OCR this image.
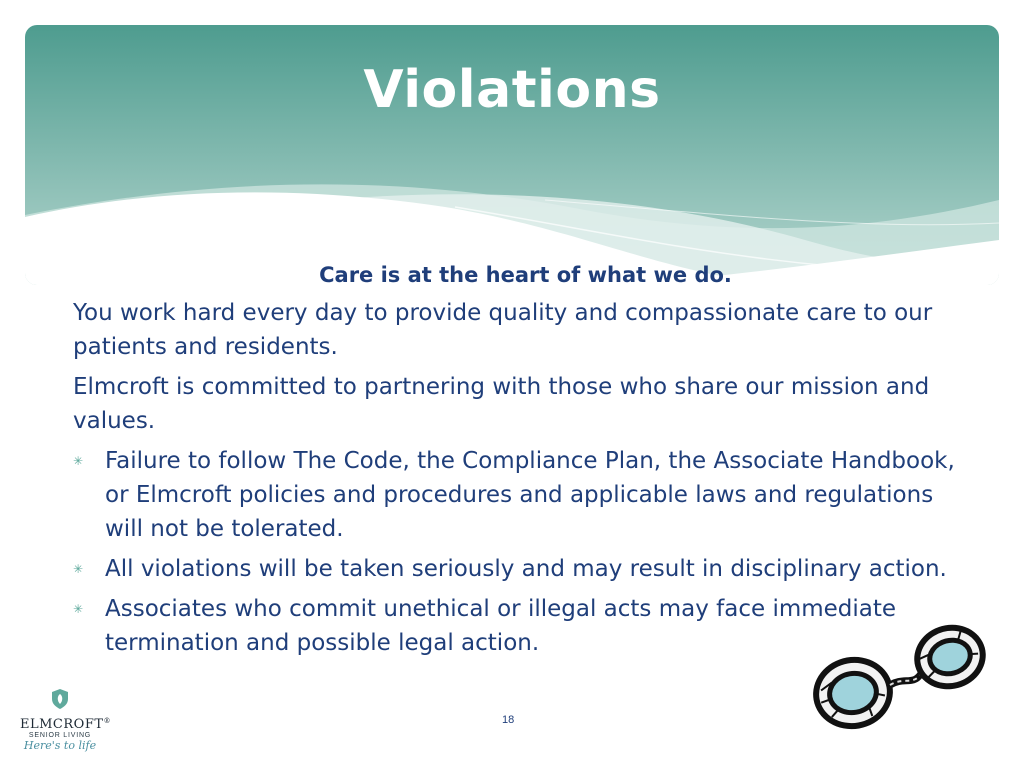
Violations

Care is at the heart of what we do.

You work hard every day to provide quality and compassionate care to our patients and residents.

Elmcroft is committed to partnering with those who share our mission and values.

✳ Failure to follow The Code, the Compliance Plan, the Associate Handbook, or Elmcroft policies and procedures and applicable laws and regulations will not be tolerated.
✳ All violations will be taken seriously and may result in disciplinary action.
✳ Associates who commit unethical or illegal acts may face immediate termination and possible legal action.
ELMCROFT®
SENIOR LIVING
Here's to life
18
